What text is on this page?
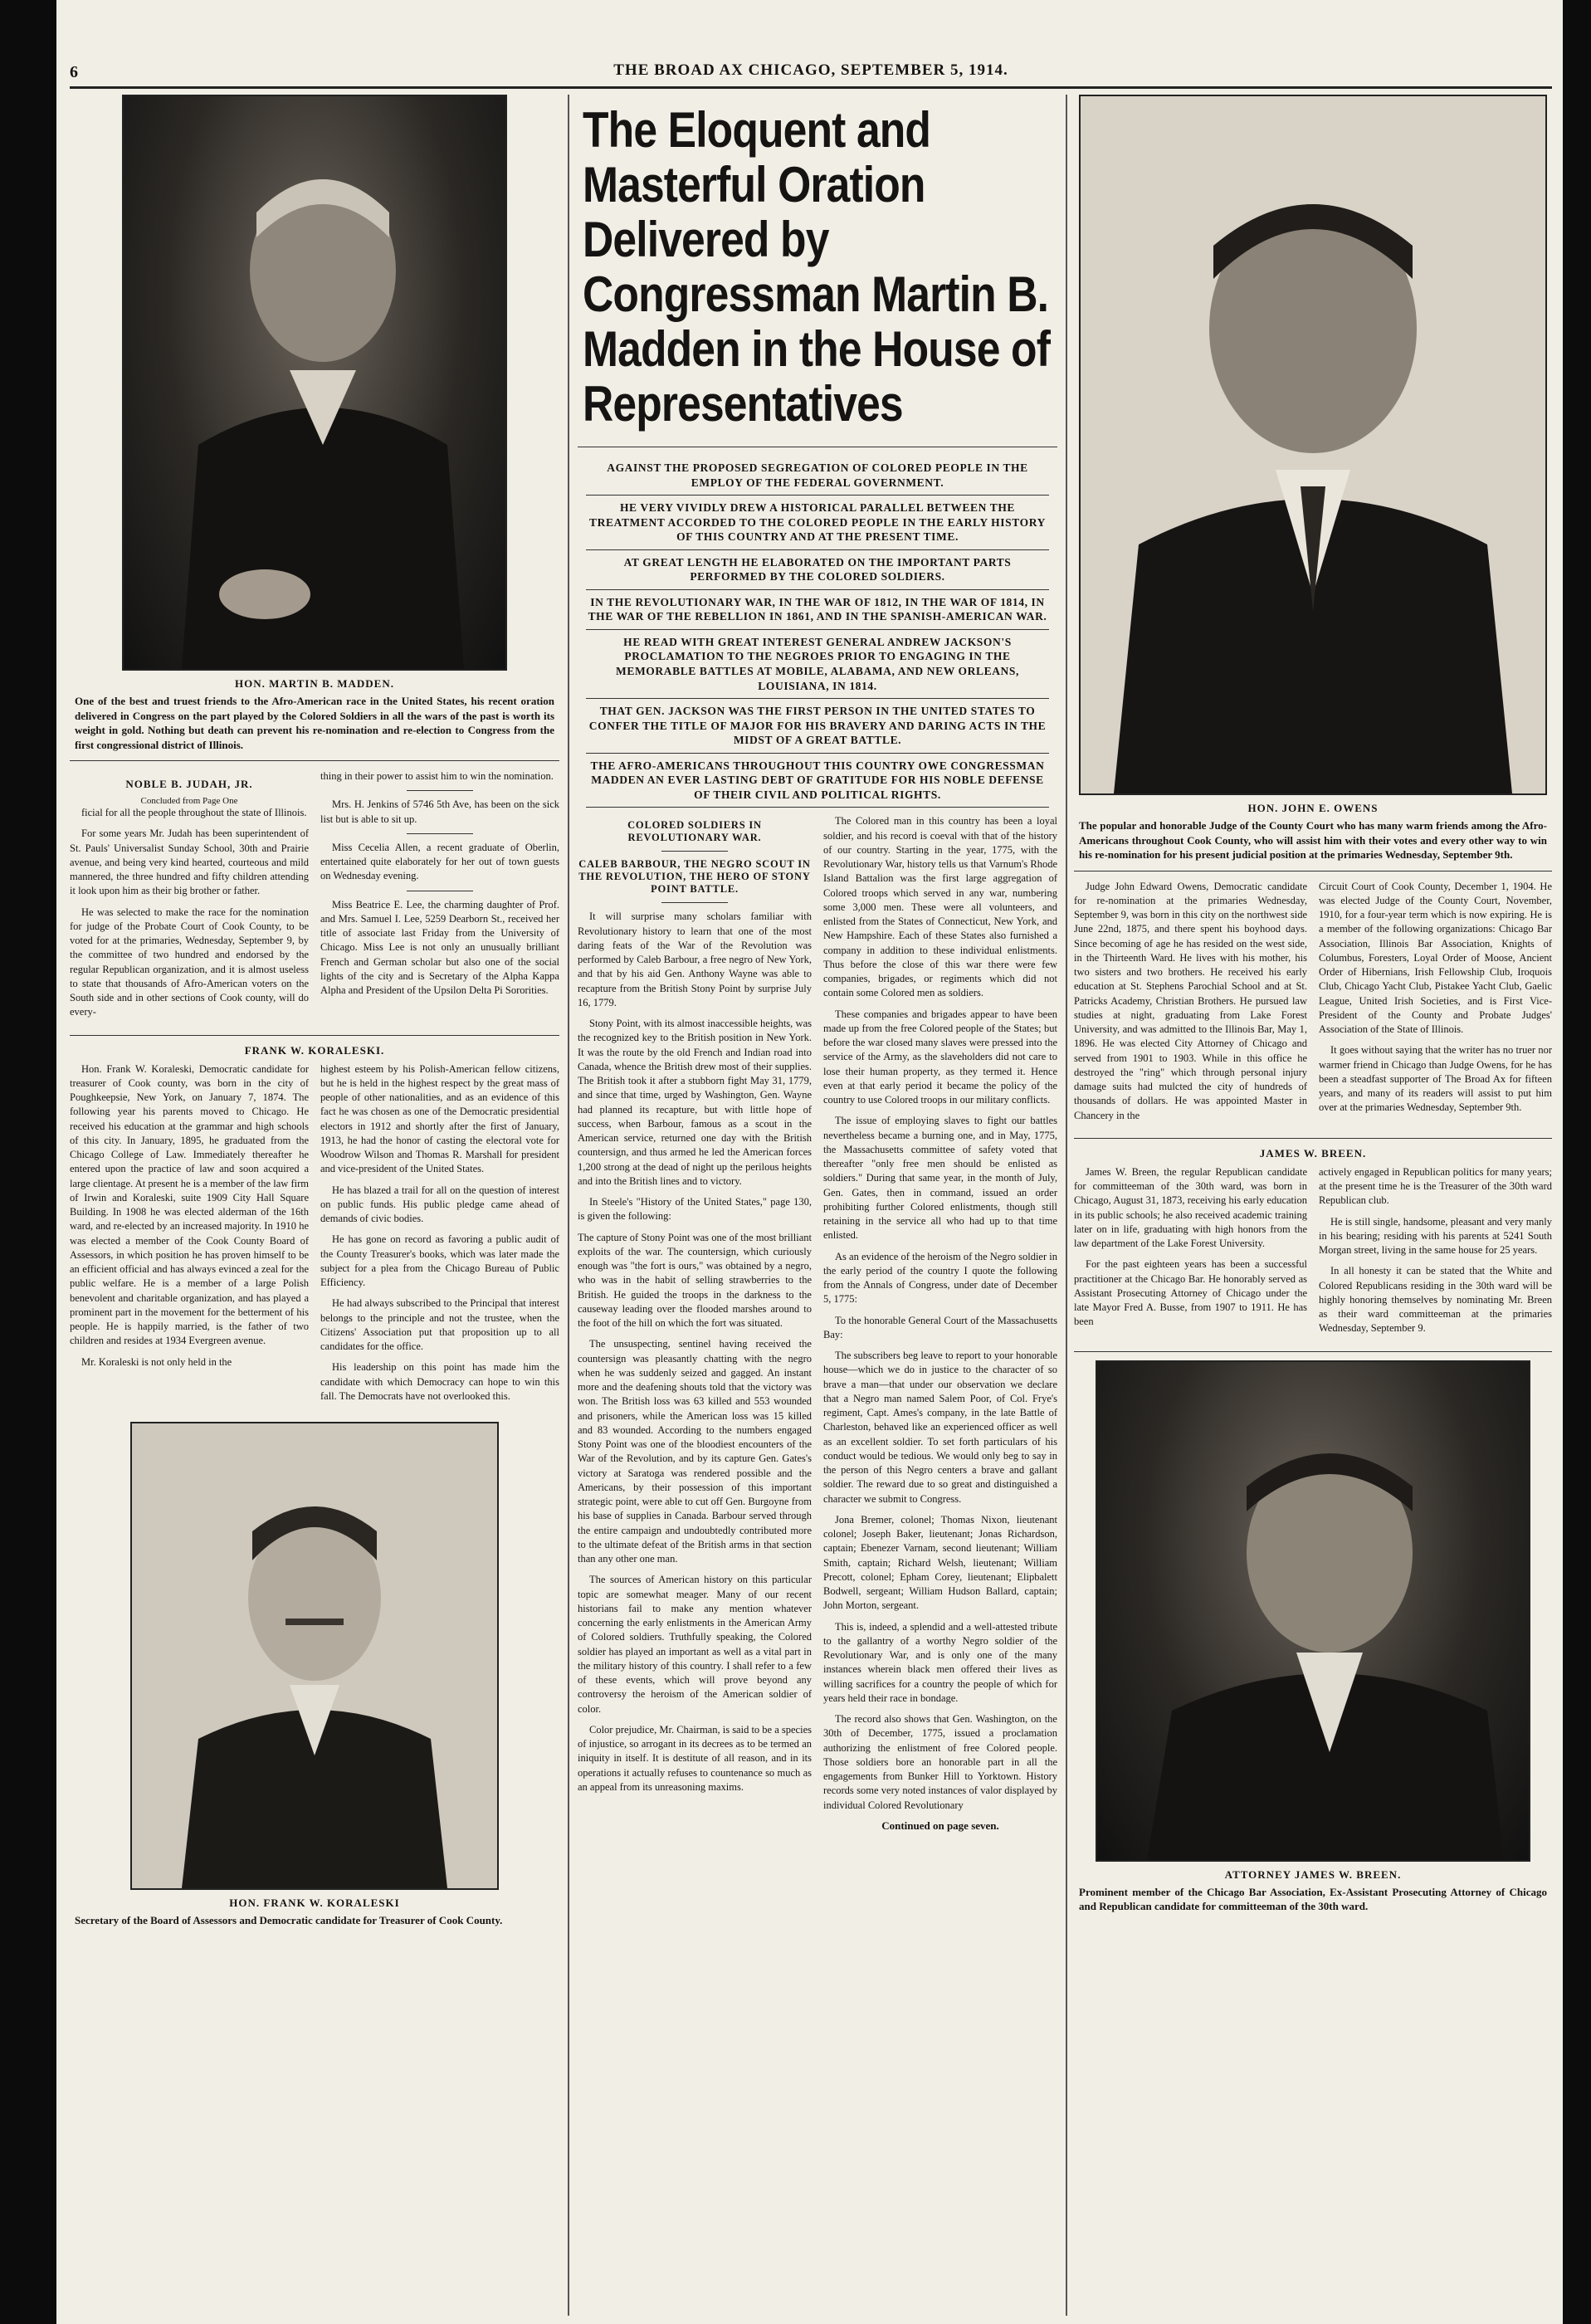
6	THE BROAD AX CHICAGO, SEPTEMBER 5, 1914.
HON. MARTIN B. MADDEN.
One of the best and truest friends to the Afro-American race in the United States, his recent oration delivered in Congress on the part played by the Colored Soldiers in all the wars of the past is worth its weight in gold. Nothing but death can prevent his re-nomination and re-election to Congress from the first congressional district of Illinois.
NOBLE B. JUDAH, JR.

Concluded from Page One

ficial for all the people throughout the state of Illinois.

For some years Mr. Judah has been superintendent of St. Pauls' Universalist Sunday School, 30th and Prairie avenue, and being very kind hearted, courteous and mild mannered, the three hundred and fifty children attending it look upon him as their big brother or father.

He was selected to make the race for the nomination for judge of the Probate Court of Cook County, to be voted for at the primaries, Wednesday, September 9, by the committee of two hundred and endorsed by the regular Republican organization, and it is almost useless to state that thousands of Afro-American voters on the South side and in other sections of Cook county, will do every-

thing in their power to assist him to win the nomination.

Mrs. H. Jenkins of 5746 5th Ave, has been on the sick list but is able to sit up.

Miss Cecelia Allen, a recent graduate of Oberlin, entertained quite elaborately for her out of town guests on Wednesday evening.

Miss Beatrice E. Lee, the charming daughter of Prof. and Mrs. Samuel I. Lee, 5259 Dearborn St., received her title of associate last Friday from the University of Chicago. Miss Lee is not only an unusually brilliant French and German scholar but also one of the social lights of the city and is Secretary of the Alpha Kappa Alpha and President of the Upsilon Delta Pi Sororities.

FRANK W. KORALESKI.

Hon. Frank W. Koraleski, Democratic candidate for treasurer of Cook county, was born in the city of Poughkeepsie, New York, on January 7, 1874. The following year his parents moved to Chicago. He received his education at the grammar and high schools of this city. In January, 1895, he graduated from the Chicago College of Law. Immediately thereafter he entered upon the practice of law and soon acquired a large clientage. At present he is a member of the law firm of Irwin and Koraleski, suite 1909 City Hall Square Building. In 1908 he was elected alderman of the 16th ward, and re-elected by an increased majority. In 1910 he was elected a member of the Cook County Board of Assessors, in which position he has proven himself to be an efficient official and has always evinced a zeal for the public welfare. He is a member of a large Polish benevolent and charitable organization, and has played a prominent part in the movement for the betterment of his people. He is happily married, is the father of two children and resides at 1934 Evergreen avenue.

Mr. Koraleski is not only held in the

highest esteem by his Polish-American fellow citizens, but he is held in the highest respect by the great mass of people of other nationalities, and as an evidence of this fact he was chosen as one of the Democratic presidential electors in 1912 and shortly after the first of January, 1913, he had the honor of casting the electoral vote for Woodrow Wilson and Thomas R. Marshall for president and vice-president of the United States.

He has blazed a trail for all on the question of interest on public funds. His public pledge came ahead of demands of civic bodies.

He has gone on record as favoring a public audit of the County Treasurer's books, which was later made the subject for a plea from the Chicago Bureau of Public Efficiency.

He had always subscribed to the Principal that interest belongs to the principle and not the trustee, when the Citizens' Association put that proposition up to all candidates for the office.

His leadership on this point has made him the candidate with which Democracy can hope to win this fall. The Democrats have not overlooked this.

HON. FRANK W. KORALESKI
Secretary of the Board of Assessors and Democratic candidate for Treasurer of Cook County.
The Eloquent and Masterful Oration Delivered by Congressman Martin B. Madden in the House of Representatives
AGAINST THE PROPOSED SEGREGATION OF COLORED PEOPLE IN THE EMPLOY OF THE FEDERAL GOVERNMENT.
HE VERY VIVIDLY DREW A HISTORICAL PARALLEL BETWEEN THE TREATMENT ACCORDED TO THE COLORED PEOPLE IN THE EARLY HISTORY OF THIS COUNTRY AND AT THE PRESENT TIME.
AT GREAT LENGTH HE ELABORATED ON THE IMPORTANT PARTS PERFORMED BY THE COLORED SOLDIERS.
IN THE REVOLUTIONARY WAR, IN THE WAR OF 1812, IN THE WAR OF 1814, IN THE WAR OF THE REBELLION IN 1861, AND IN THE SPANISH-AMERICAN WAR.
HE READ WITH GREAT INTEREST GENERAL ANDREW JACKSON'S PROCLAMATION TO THE NEGROES PRIOR TO ENGAGING IN THE MEMORABLE BATTLES AT MOBILE, ALABAMA, AND NEW ORLEANS, LOUISIANA, IN 1814.
THAT GEN. JACKSON WAS THE FIRST PERSON IN THE UNITED STATES TO CONFER THE TITLE OF MAJOR FOR HIS BRAVERY AND DARING ACTS IN THE MIDST OF A GREAT BATTLE.
THE AFRO-AMERICANS THROUGHOUT THIS COUNTRY OWE CONGRESSMAN MADDEN AN EVER LASTING DEBT OF GRATITUDE FOR HIS NOBLE DEFENSE OF THEIR CIVIL AND POLITICAL RIGHTS.
COLORED SOLDIERS IN REVOLUTIONARY WAR.
CALEB BARBOUR, THE NEGRO SCOUT IN THE REVOLUTION, THE HERO OF STONY POINT BATTLE.

It will surprise many scholars familiar with Revolutionary history to learn that one of the most daring feats of the War of the Revolution was performed by Caleb Barbour, a free negro of New York, and that by his aid Gen. Anthony Wayne was able to recapture from the British Stony Point by surprise July 16, 1779.

Stony Point, with its almost inaccessible heights, was the recognized key to the British position in New York. It was the route by the old French and Indian road into Canada, whence the British drew most of their supplies. The British took it after a stubborn fight May 31, 1779, and since that time, urged by Washington, Gen. Wayne had planned its recapture, but with little hope of success, when Barbour, famous as a scout in the American service, returned one day with the British countersign, and thus armed he led the American forces 1,200 strong at the dead of night up the perilous heights and into the British lines and to victory.

In Steele's "History of the United States," page 130, is given the following:

The capture of Stony Point was one of the most brilliant exploits of the war. The countersign, which curiously enough was "the fort is ours," was obtained by a negro, who was in the habit of selling strawberries to the British. He guided the troops in the darkness to the causeway leading over the flooded marshes around to the foot of the hill on which the fort was situated.

The unsuspecting, sentinel having received the countersign was pleasantly chatting with the negro when he was suddenly seized and gagged. An instant more and the deafening shouts told that the victory was won. The British loss was 63 killed and 553 wounded and prisoners, while the American loss was 15 killed and 83 wounded. According to the numbers engaged Stony Point was one of the bloodiest encounters of the War of the Revolution, and by its capture Gen. Gates's victory at Saratoga was rendered possible and the Americans, by their possession of this important strategic point, were able to cut off Gen. Burgoyne from his base of supplies in Canada. Barbour served through the entire campaign and undoubtedly contributed more to the ultimate defeat of the British arms in that section than any other one man.

The sources of American history on this particular topic are somewhat meager. Many of our recent historians fail to make any mention whatever concerning the early enlistments in the American Army of Colored soldiers. Truthfully speaking, the Colored soldier has played an important as well as a vital part in the military history of this country. I shall refer to a few of these events, which will prove beyond any controversy the heroism of the American soldier of color.

Color prejudice, Mr. Chairman, is said to be a species of injustice, so arrogant in its decrees as to be termed an iniquity in itself. It is destitute of all reason, and in its operations it actually refuses to countenance so much as an appeal from its unreasoning maxims.

The Colored man in this country has been a loyal soldier, and his record is coeval with that of the history of our country. Starting in the year, 1775, with the Revolutionary War, history tells us that Varnum's Rhode Island Battalion was the first large aggregation of Colored troops which served in any war, numbering some 3,000 men. These were all volunteers, and enlisted from the States of Connecticut, New York, and New Hampshire. Each of these States also furnished a company in addition to these individual enlistments. Thus before the close of this war there were few companies, brigades, or regiments which did not contain some Colored men as soldiers.

These companies and brigades appear to have been made up from the free Colored people of the States; but before the war closed many slaves were pressed into the service of the Army, as the slaveholders did not care to lose their human property, as they termed it. Hence even at that early period it became the policy of the country to use Colored troops in our military conflicts.

The issue of employing slaves to fight our battles nevertheless became a burning one, and in May, 1775, the Massachusetts committee of safety voted that thereafter "only free men should be enlisted as soldiers." During that same year, in the month of July, Gen. Gates, then in command, issued an order prohibiting further Colored enlistments, though still retaining in the service all who had up to that time enlisted.

As an evidence of the heroism of the Negro soldier in the early period of the country I quote the following from the Annals of Congress, under date of December 5, 1775:

To the honorable General Court of the Massachusetts Bay:

The subscribers beg leave to report to your honorable house—which we do in justice to the character of so brave a man—that under our observation we declare that a Negro man named Salem Poor, of Col. Frye's regiment, Capt. Ames's company, in the late Battle of Charleston, behaved like an experienced officer as well as an excellent soldier. To set forth particulars of his conduct would be tedious. We would only beg to say in the person of this Negro centers a brave and gallant soldier. The reward due to so great and distinguished a character we submit to Congress.

Jona Bremer, colonel; Thomas Nixon, lieutenant colonel; Joseph Baker, lieutenant; Jonas Richardson, captain; Ebenezer Varnam, second lieutenant; William Smith, captain; Richard Welsh, lieutenant; William Precott, colonel; Epham Corey, lieutenant; Elipbalett Bodwell, sergeant; William Hudson Ballard, captain; John Morton, sergeant.

This is, indeed, a splendid and a well-attested tribute to the gallantry of a worthy Negro soldier of the Revolutionary War, and is only one of the many instances wherein black men offered their lives as willing sacrifices for a country the people of which for years held their race in bondage.

The record also shows that Gen. Washington, on the 30th of December, 1775, issued a proclamation authorizing the enlistment of free Colored people. Those soldiers bore an honorable part in all the engagements from Bunker Hill to Yorktown. History records some very noted instances of valor displayed by individual Colored Revolutionary

Continued on page seven.
HON. JOHN E. OWENS
The popular and honorable Judge of the County Court who has many warm friends among the Afro-Americans throughout Cook County, who will assist him with their votes and every other way to win his re-nomination for his present judicial position at the primaries Wednesday, September 9th.

Judge John Edward Owens, Democratic candidate for re-nomination at the primaries Wednesday, September 9, was born in this city on the northwest side June 22nd, 1875, and there spent his boyhood days. Since becoming of age he has resided on the west side, in the Thirteenth Ward. He lives with his mother, his two sisters and two brothers. He received his early education at St. Stephens Parochial School and at St. Patricks Academy, Christian Brothers. He pursued law studies at night, graduating from Lake Forest University, and was admitted to the Illinois Bar, May 1, 1896. He was elected City Attorney of Chicago and served from 1901 to 1903. While in this office he destroyed the "ring" which through personal injury damage suits had mulcted the city of hundreds of thousands of dollars. He was appointed Master in Chancery in the

Circuit Court of Cook County, December 1, 1904. He was elected Judge of the County Court, November, 1910, for a four-year term which is now expiring. He is a member of the following organizations: Chicago Bar Association, Illinois Bar Association, Knights of Columbus, Foresters, Loyal Order of Moose, Ancient Order of Hibernians, Irish Fellowship Club, Iroquois Club, Chicago Yacht Club, Pistakee Yacht Club, Gaelic League, United Irish Societies, and is First Vice-President of the County and Probate Judges' Association of the State of Illinois.

It goes without saying that the writer has no truer nor warmer friend in Chicago than Judge Owens, for he has been a steadfast supporter of The Broad Ax for fifteen years, and many of its readers will assist to put him over at the primaries Wednesday, September 9th.

JAMES W. BREEN.

James W. Breen, the regular Republican candidate for committeeman of the 30th ward, was born in Chicago, August 31, 1873, receiving his early education in its public schools; he also received academic training later on in life, graduating with high honors from the law department of the Lake Forest University.

For the past eighteen years has been a successful practitioner at the Chicago Bar. He honorably served as Assistant Prosecuting Attorney of Chicago under the late Mayor Fred A. Busse, from 1907 to 1911. He has been

actively engaged in Republican politics for many years; at the present time he is the Treasurer of the 30th ward Republican club.

He is still single, handsome, pleasant and very manly in his bearing; residing with his parents at 5241 South Morgan street, living in the same house for 25 years.

In all honesty it can be stated that the White and Colored Republicans residing in the 30th ward will be highly honoring themselves by nominating Mr. Breen as their ward committeeman at the primaries Wednesday, September 9.

ATTORNEY JAMES W. BREEN.
Prominent member of the Chicago Bar Association, Ex-Assistant Prosecuting Attorney of Chicago and Republican candidate for committeeman of the 30th ward.
